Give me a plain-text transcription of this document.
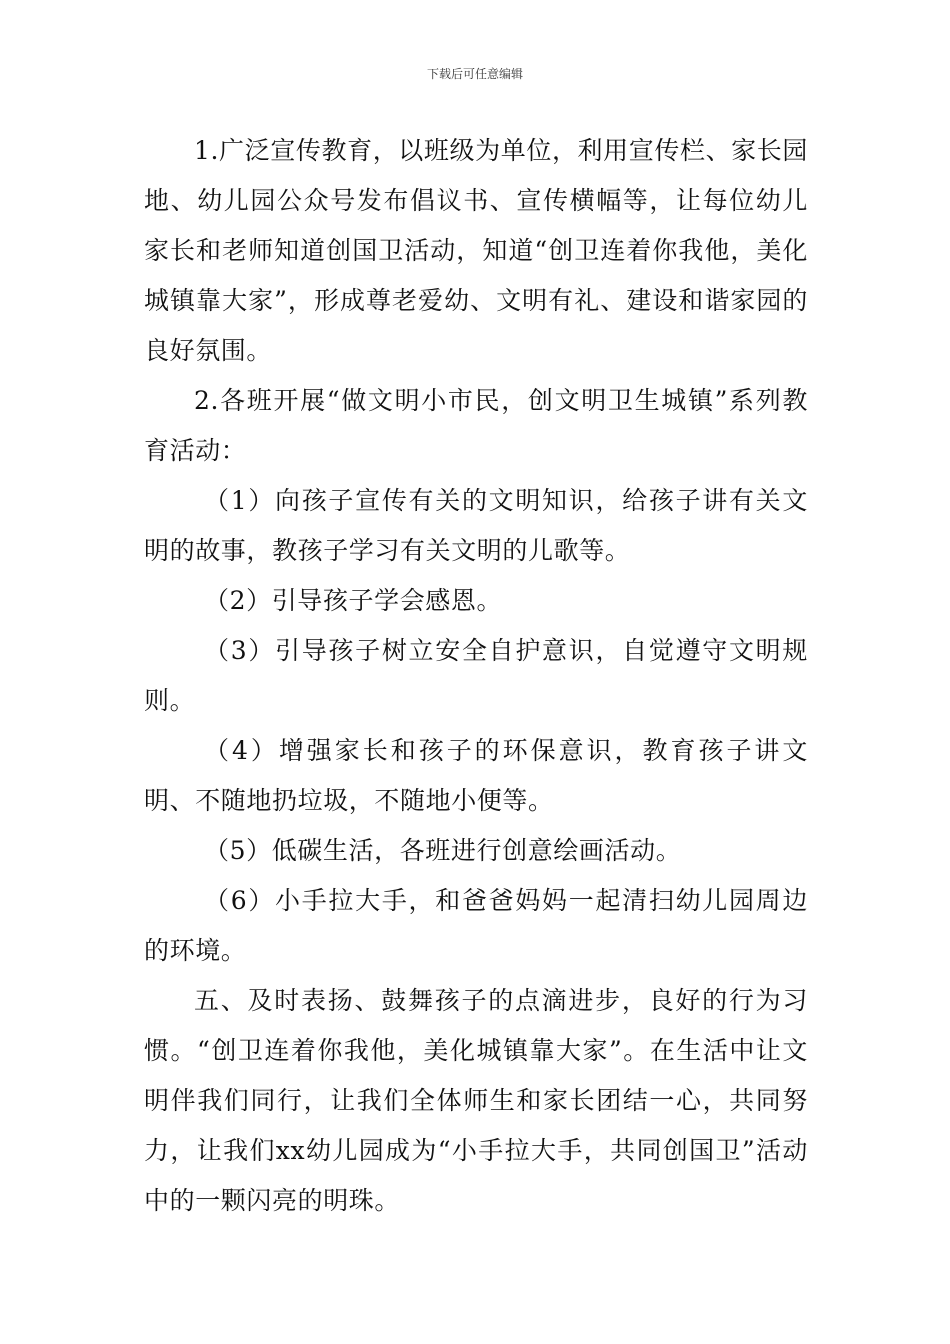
下载后可任意编辑

1.广泛宣传教育，以班级为单位，利用宣传栏、家长园地、幼儿园公众号发布倡议书、宣传横幅等，让每位幼儿家长和老师知道创国卫活动，知道“创卫连着你我他，美化城镇靠大家”，形成尊老爱幼、文明有礼、建设和谐家园的良好氛围。

2.各班开展“做文明小市民，创文明卫生城镇”系列教育活动：

（1）向孩子宣传有关的文明知识，给孩子讲有关文明的故事，教孩子学习有关文明的儿歌等。

（2）引导孩子学会感恩。

（3）引导孩子树立安全自护意识，自觉遵守文明规则。

（4）增强家长和孩子的环保意识，教育孩子讲文明、不随地扔垃圾，不随地小便等。

（5）低碳生活，各班进行创意绘画活动。

（6）小手拉大手，和爸爸妈妈一起清扫幼儿园周边的环境。

五、及时表扬、鼓舞孩子的点滴进步，良好的行为习惯。“创卫连着你我他，美化城镇靠大家”。在生活中让文明伴我们同行，让我们全体师生和家长团结一心，共同努力，让我们xx幼儿园成为“小手拉大手，共同创国卫”活动中的一颗闪亮的明珠。
